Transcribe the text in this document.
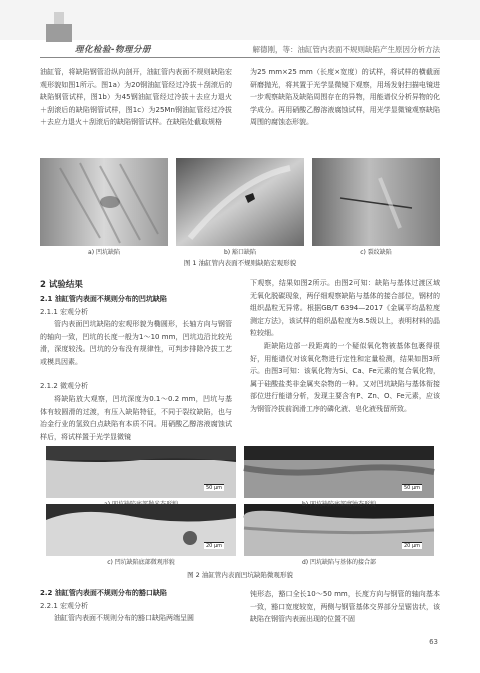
理化检验-物理分册	解德刚，等：油缸管内表面不规则缺陷产生原因分析方法

油缸管，将缺陷钢管沿纵向剖开，油缸管内表面不规则缺陷宏观形貌如图1所示。图1a）为20钢油缸管经过冷拔＋刮滚后的缺陷钢管试样，图1b）为45钢油缸管经过冷拔＋去应力退火＋刮滚后的缺陷钢管试样，图1c）为25Mn钢油缸管经过冷拔＋去应力退火＋刮滚后的缺陷钢管试样。在缺陷处截取规格

为25 mm×25 mm（长度×宽度）的试样，将试样的横截面研磨抛光，将其置于光学显微镜下观察，用场发射扫描电镜进一步观察缺陷及缺陷周围存在的异物，用能谱仪分析异物的化学成分。再用硝酸乙醇溶液腐蚀试样，用光学显微镜观察缺陷周围的腐蚀态形貌。

a) 凹坑缺陷	b) 豁口缺陷	c) 裂纹缺陷
图 1 油缸管内表面不规则缺陷宏观形貌
2 试验结果
2.1 油缸管内表面不规则分布的凹坑缺陷
2.1.1 宏观分析

管内表面凹坑缺陷的宏观形貌为椭圆形，长轴方向与钢管的轴向一致，凹坑的长度一般为1～10 mm，凹坑边沿比较光滑，深度较浅。凹坑的分布没有规律性，可判步排除冷拔工艺或模具因素。

2.1.2 微观分析

将缺陷放大观察，凹坑深度为0.1～0.2 mm，凹坑与基体有较圆滑的过渡，有压入缺陷特征，不同于裂纹缺陷，也与冶金行业的氢致白点缺陷有本质不同。用硝酸乙醇溶液腐蚀试样后，将试样置于光学显微镜

下观察，结果如图2所示。由图2可知：缺陷与基体过渡区域无氧化脱碳现象，两仔细观察缺陷与基体的接合部位，钢材的组织晶粒无异常。根据GB/T 6394—2017《金属平均晶粒度测定方法》，该试样的组织晶粒度为8.5级以上，表明材料的晶粒较细。

距缺陷边部一段距离的一个疑似氧化物被基体包裹得很好，用能谱仪对该氧化物进行定性和定量检测，结果如图3所示。由图3可知：该氧化物为Si、Ca、Fe元素的复合氧化物，属于硅酸盐类非金属夹杂物的一种。又对凹坑缺陷与基体衔接部位进行能谱分析，发现主要含有P、Zn、O、Fe元素，应该为钢管冷拔前润滑工序的磷化液、皂化液残留所致。

50 μm	50 μm
20 μm	20 μm
a) 凹坑缺陷底部抛光态形貌	b) 凹坑缺陷底部腐蚀态形貌
c) 凹坑缺陷底部微观形貌	d) 凹坑缺陷与基体的接合部
图 2 油缸管内表面凹坑缺陷微观形貌
2.2 油缸管内表面不规则分布的豁口缺陷
2.2.1 宏观分析

油缸管内表面不规则分布的豁口缺陷两端呈圆

钝形态，豁口全长10～50 mm，长度方向与钢管的轴向基本一致，豁口宽度较宽，两侧与钢管基体交界部分呈锯齿状，该缺陷在钢管内表面出现的位置不固

63
